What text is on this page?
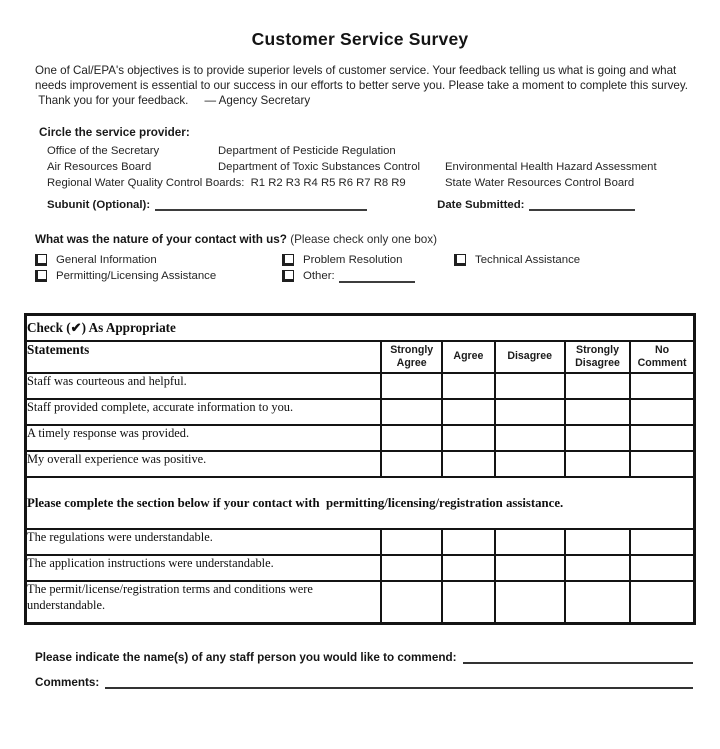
Customer Service Survey
One of Cal/EPA's objectives is to provide superior levels of customer service. Your feedback telling us what is going and what needs improvement is essential to our success in our efforts to better serve you. Please take a moment to complete this survey.  Thank you for your feedback.     — Agency Secretary
Circle the service provider:
Office of the Secretary	Department of Pesticide Regulation
Air Resources Board	Department of Toxic Substances Control	Environmental Health Hazard Assessment
Regional Water Quality Control Boards:  R1 R2 R3 R4 R5 R6 R7 R8 R9	State Water Resources Control Board
Subunit (Optional):	Date Submitted:
What was the nature of your contact with us? (Please check only one box)
General Information	Problem Resolution	Technical Assistance
Permitting/Licensing Assistance	Other:
Check (✔) As Appropriate					
Statements	Strongly Agree	Agree	Disagree	Strongly Disagree	No Comment
Staff was courteous and helpful.					
Staff provided complete, accurate information to you.					
A timely response was provided.					
My overall experience was positive.					
Please complete the section below if your contact with  permitting/licensing/registration assistance.					
The regulations were understandable.					
The application instructions were understandable.					
The permit/license/registration terms and conditions were understandable.					
Please indicate the name(s) of any staff person you would like to commend:
Comments:
